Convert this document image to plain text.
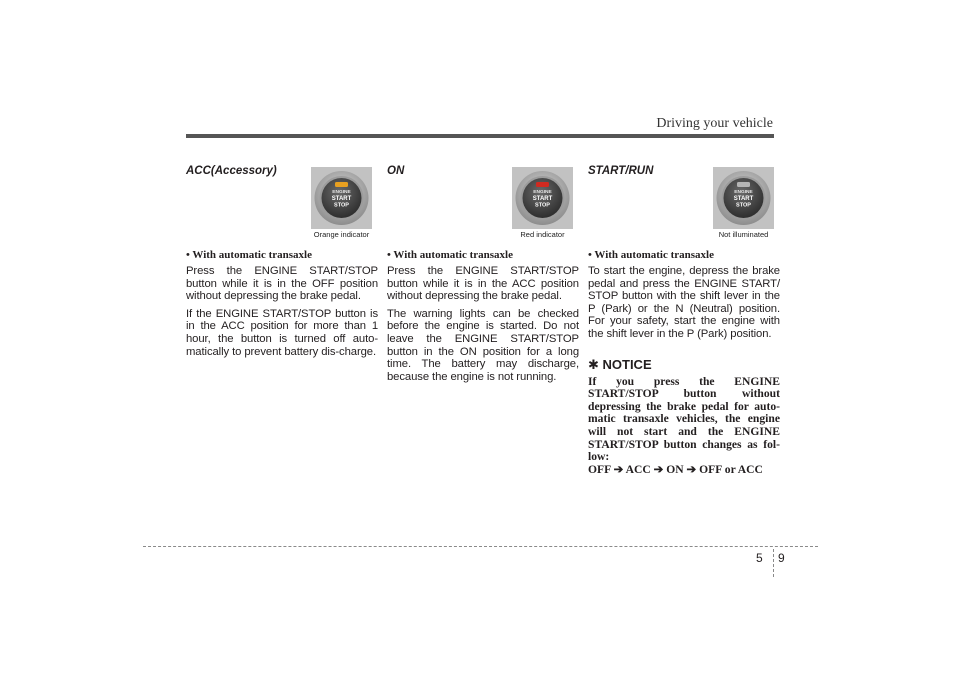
Driving your vehicle
ACC(Accessory)
• With automatic transaxle

Press the ENGINE START/STOP button while it is in the OFF position without depressing the brake pedal.

If the ENGINE START/STOP button is in the ACC position for more than 1 hour, the button is turned off auto-matically to prevent battery dis-charge.

ENGINE
START
STOP
Orange indicator
ON
• With automatic transaxle

Press the ENGINE START/STOP button while it is in the ACC position without depressing the brake pedal.

The warning lights can be checked before the engine is started. Do not leave the ENGINE START/STOP button in the ON position for a long time. The battery may discharge, because the engine is not running.

ENGINE
START
STOP
Red indicator
START/RUN
• With automatic transaxle

To start the engine, depress the brake pedal and press the ENGINE START/ STOP button with the shift lever in the P (Park) or the N (Neutral) position. For your safety, start the engine with the shift lever in the P (Park) position.

✱ NOTICE

If you press the ENGINE START/STOP button without depressing the brake pedal for auto-matic transaxle vehicles, the engine will not start and the ENGINE START/STOP button changes as fol-low:

OFF ➔ ACC ➔ ON ➔ OFF or ACC

ENGINE
START
STOP
Not illuminated
5 9
